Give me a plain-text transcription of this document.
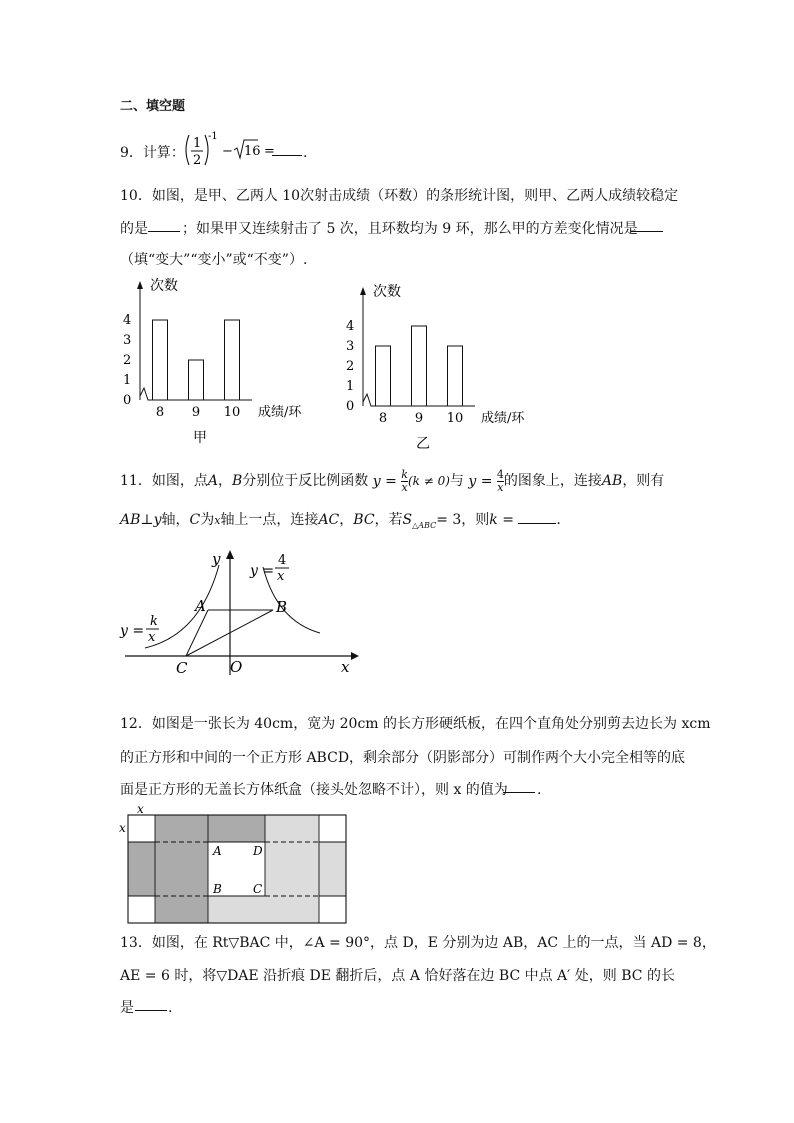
二、填空题
9．计算：
1
2
-1
− 16 = .
10．如图，是甲、乙两人 10次射击成绩（环数）的条形统计图，则甲、乙两人成绩较稳定
的是 ；如果甲又连续射击了 5 次，且环数均为 9 环，那么甲的方差变化情况是
（填“变大”“变小”或“不变”）.
次数
成绩/环
0
1
2
3
4
8 9 10
甲
次数
成绩/环
0
1
2
3
4
8 9 10
乙
11．如图，点A，B分别位于反比例函数 $y = \frac{k}{x} (k \ne 0)$与 $y = \frac{4}{x}$ 的图象上，连接AB，则有
AB⊥y轴，C为x轴上一点，连接AC，BC，若$S_{\triangle ABC}= 3$，则k =	.
y
x
O
A	B
C
y =
4
x
y =
k
x
12．如图是一张长为 40cm，宽为 20cm 的长方形硬纸板，在四个直角处分别剪去边长为 xcm
的正方形和中间的一个正方形 ABCD，剩余部分（阴影部分）可制作两个大小完全相等的底
面是正方形的无盖长方体纸盒（接头处忽略不计），则 x 的值为 .
x
x
A	D
B	C
13．如图，在 Rt▽BAC 中，∠A = 90°，点 D，E 分别为边 AB，AC 上的一点，当 AD = 8，
AE = 6 时，将▽DAE 沿折痕 DE 翻折后，点 A 恰好落在边 BC 中点 A′ 处，则 BC 的长
是 .
